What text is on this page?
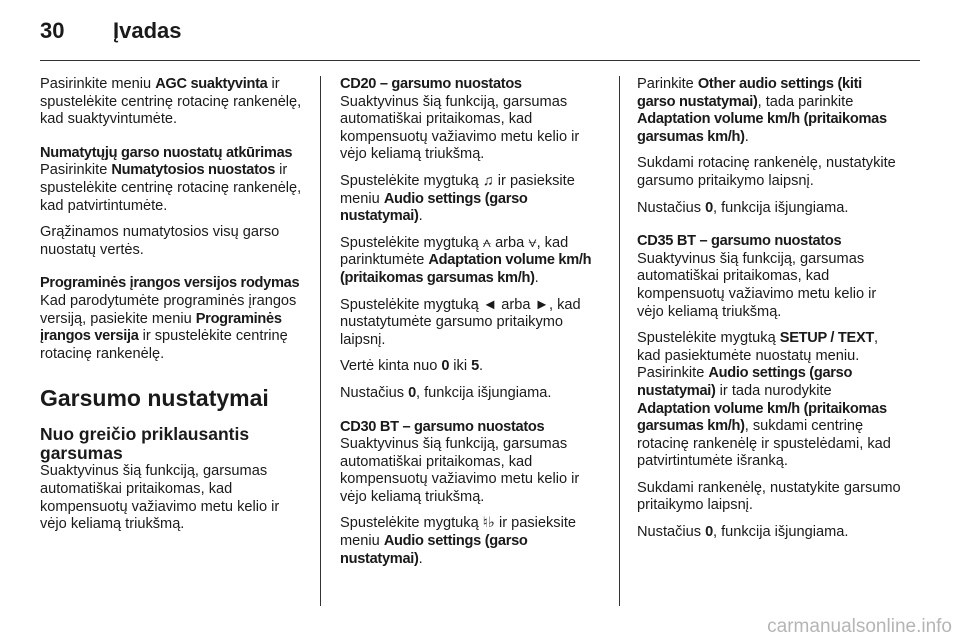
30 Įvadas

Pasirinkite meniu AGC suaktyvinta ir spustelėkite centrinę rotacinę rankenėlę, kad suaktyvintumėte.

Numatytųjų garso nuostatų atkūrimas

Pasirinkite Numatytosios nuostatos ir spustelėkite centrinę rotacinę rankenėlę, kad patvirtintumėte.

Grąžinamos numatytosios visų garso nuostatų vertės.

Programinės įrangos versijos rodymas

Kad parodytumėte programinės įrangos versiją, pasiekite meniu Programinės įrangos versija ir spustelėkite centrinę rotacinę rankenėlę.

Garsumo nustatymai
Nuo greičio priklausantis garsumas

Suaktyvinus šią funkciją, garsumas automatiškai pritaikomas, kad kompensuotų važiavimo metu kelio ir vėjo keliamą triukšmą.

CD20 – garsumo nuostatos

Suaktyvinus šią funkciją, garsumas automatiškai pritaikomas, kad kompensuotų važiavimo metu kelio ir vėjo keliamą triukšmą.

Spustelėkite mygtuką ♫ ir pasieksite meniu Audio settings (garso nustatymai).

Spustelėkite mygtuką ⩜ arba ⩝, kad parinktumėte Adaptation volume km/h (pritaikomas garsumas km/h).

Spustelėkite mygtuką ◄ arba ►, kad nustatytumėte garsumo pritaikymo laipsnį.

Vertė kinta nuo 0 iki 5.

Nustačius 0, funkcija išjungiama.

CD30 BT – garsumo nuostatos

Suaktyvinus šią funkciją, garsumas automatiškai pritaikomas, kad kompensuotų važiavimo metu kelio ir vėjo keliamą triukšmą.

Spustelėkite mygtuką ♮♭ ir pasieksite meniu Audio settings (garso nustatymai).

Parinkite Other audio settings (kiti garso nustatymai), tada parinkite Adaptation volume km/h (pritaikomas garsumas km/h).

Sukdami rotacinę rankenėlę, nustatykite garsumo pritaikymo laipsnį.

Nustačius 0, funkcija išjungiama.

CD35 BT – garsumo nuostatos

Suaktyvinus šią funkciją, garsumas automatiškai pritaikomas, kad kompensuotų važiavimo metu kelio ir vėjo keliamą triukšmą.

Spustelėkite mygtuką SETUP / TEXT, kad pasiektumėte nuostatų meniu. Pasirinkite Audio settings (garso nustatymai) ir tada nurodykite Adaptation volume km/h (pritaikomas garsumas km/h), sukdami centrinę rotacinę rankenėlę ir spustelėdami, kad patvirtintumėte išranką.

Sukdami rankenėlę, nustatykite garsumo pritaikymo laipsnį.

Nustačius 0, funkcija išjungiama.

carmanualsonline.info
